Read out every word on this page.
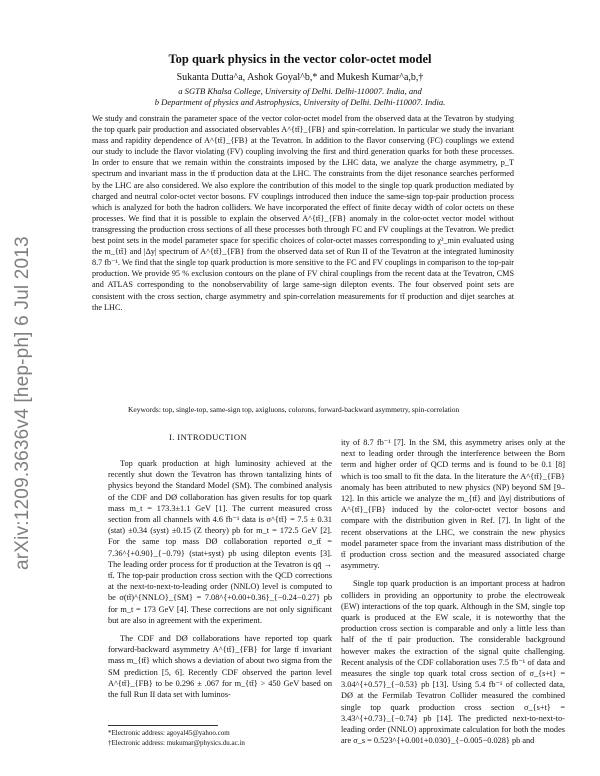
arXiv:1209.3636v4 [hep-ph] 6 Jul 2013
Top quark physics in the vector color-octet model
Sukanta Dutta^a, Ashok Goyal^b,* and Mukesh Kumar^a,b,†
a SGTB Khalsa College, University of Delhi. Delhi-110007. India, and
b Department of physics and Astrophysics, University of Delhi. Delhi-110007. India.
We study and constrain the parameter space of the vector color-octet model from the observed data at the Tevatron by studying the top quark pair production and associated observables A^{tt̄}_{FB} and spin-correlation. In particular we study the invariant mass and rapidity dependence of A^{tt̄}_{FB} at the Tevatron. In addition to the flavor conserving (FC) couplings we extend our study to include the flavor violating (FV) coupling involving the first and third generation quarks for both these processes. In order to ensure that we remain within the constraints imposed by the LHC data, we analyze the charge asymmetry, p_T spectrum and invariant mass in the tt̄ production data at the LHC. The constraints from the dijet resonance searches performed by the LHC are also considered. We also explore the contribution of this model to the single top quark production mediated by charged and neutral color-octet vector bosons. FV couplings introduced then induce the same-sign top-pair production process which is analyzed for both the hadron colliders. We have incorporated the effect of finite decay width of color octets on these processes. We find that it is possible to explain the observed A^{tt̄}_{FB} anomaly in the color-octet vector model without transgressing the production cross sections of all these processes both through FC and FV couplings at the Tevatron. We predict best point sets in the model parameter space for specific choices of color-octet masses corresponding to χ²_min evaluated using the m_{tt̄} and |Δy| spectrum of A^{tt̄}_{FB} from the observed data set of Run II of the Tevatron at the integrated luminosity 8.7 fb⁻¹. We find that the single top quark production is more sensitive to the FC and FV couplings in comparison to the top-pair production. We provide 95 % exclusion contours on the plane of FV chiral couplings from the recent data at the Tevatron, CMS and ATLAS corresponding to the nonobservability of large same-sign dilepton events. The four observed point sets are consistent with the cross section, charge asymmetry and spin-correlation measurements for tt̄ production and dijet searches at the LHC.
Keywords: top, single-top, same-sign top, axigluons, colorons, forward-backward asymmetry, spin-correlation
I. INTRODUCTION

Top quark production at high luminosity achieved at the recently shut down the Tevatron has thrown tantalizing hints of physics beyond the Standard Model (SM). The combined analysis of the CDF and DØ collaboration has given results for top quark mass m_t = 173.3±1.1 GeV [1]. The current measured cross section from all channels with 4.6 fb⁻¹ data is σ^{tt̄} = 7.5 ± 0.31 (stat) ±0.34 (syst) ±0.15 (Z theory) pb for m_t = 172.5 GeV [2]. For the same top mass DØ collaboration reported σ_tt̄ = 7.36^{+0.90}_{−0.79} (stat+syst) pb using dilepton events [3]. The leading order process for tt̄ production at the Tevatron is qq̄ → tt̄. The top-pair production cross section with the QCD corrections at the next-to-next-to-leading order (NNLO) level is computed to be σ(tt̄)^{NNLO}_{SM} = 7.08^{+0.00+0.36}_{−0.24−0.27} pb for m_t = 173 GeV [4]. These corrections are not only significant but are also in agreement with the experiment.

The CDF and DØ collaborations have reported top quark forward-backward asymmetry A^{tt̄}_{FB} for large tt̄ invariant mass m_{tt̄} which shows a deviation of about two sigma from the SM prediction [5, 6]. Recently CDF observed the parton level A^{tt̄}_{FB} to be 0.296 ± .067 for m_{tt̄} > 450 GeV based on the full Run II data set with luminos-

ity of 8.7 fb⁻¹ [7]. In the SM, this asymmetry arises only at the next to leading order through the interference between the Born term and higher order of QCD terms and is found to be 0.1 [8] which is too small to fit the data. In the literature the A^{tt̄}_{FB} anomaly has been attributed to new physics (NP) beyond SM [9–12]. In this article we analyze the m_{tt̄} and |Δy| distributions of A^{tt̄}_{FB} induced by the color-octet vector bosons and compare with the distribution given in Ref. [7]. In light of the recent observations at the LHC, we constrain the new physics model parameter space from the invariant mass distribution of the tt̄ production cross section and the measured associated charge asymmetry.

Single top quark production is an important process at hadron colliders in providing an opportunity to probe the electroweak (EW) interactions of the top quark. Although in the SM, single top quark is produced at the EW scale, it is noteworthy that the production cross section is comparable and only a little less than half of the tt̄ pair production. The considerable background however makes the extraction of the signal quite challenging. Recent analysis of the CDF collaboration uses 7.5 fb⁻¹ of data and measures the single top quark total cross section of σ_{s+t} = 3.04^{+0.57}_{−0.53} pb [13]. Using 5.4 fb⁻¹ of collected data, DØ at the Fermilab Tevatron Collider measured the combined single top quark production cross section σ_{s+t} = 3.43^{+0.73}_{−0.74} pb [14]. The predicted next-to-next-to-leading order (NNLO) approximate calculation for both the modes are σ_s = 0.523^{+0.001+0.030}_{−0.005−0.028} pb and

*Electronic address: agoyal45@yahoo.com
†Electronic address: mukumar@physics.du.ac.in
